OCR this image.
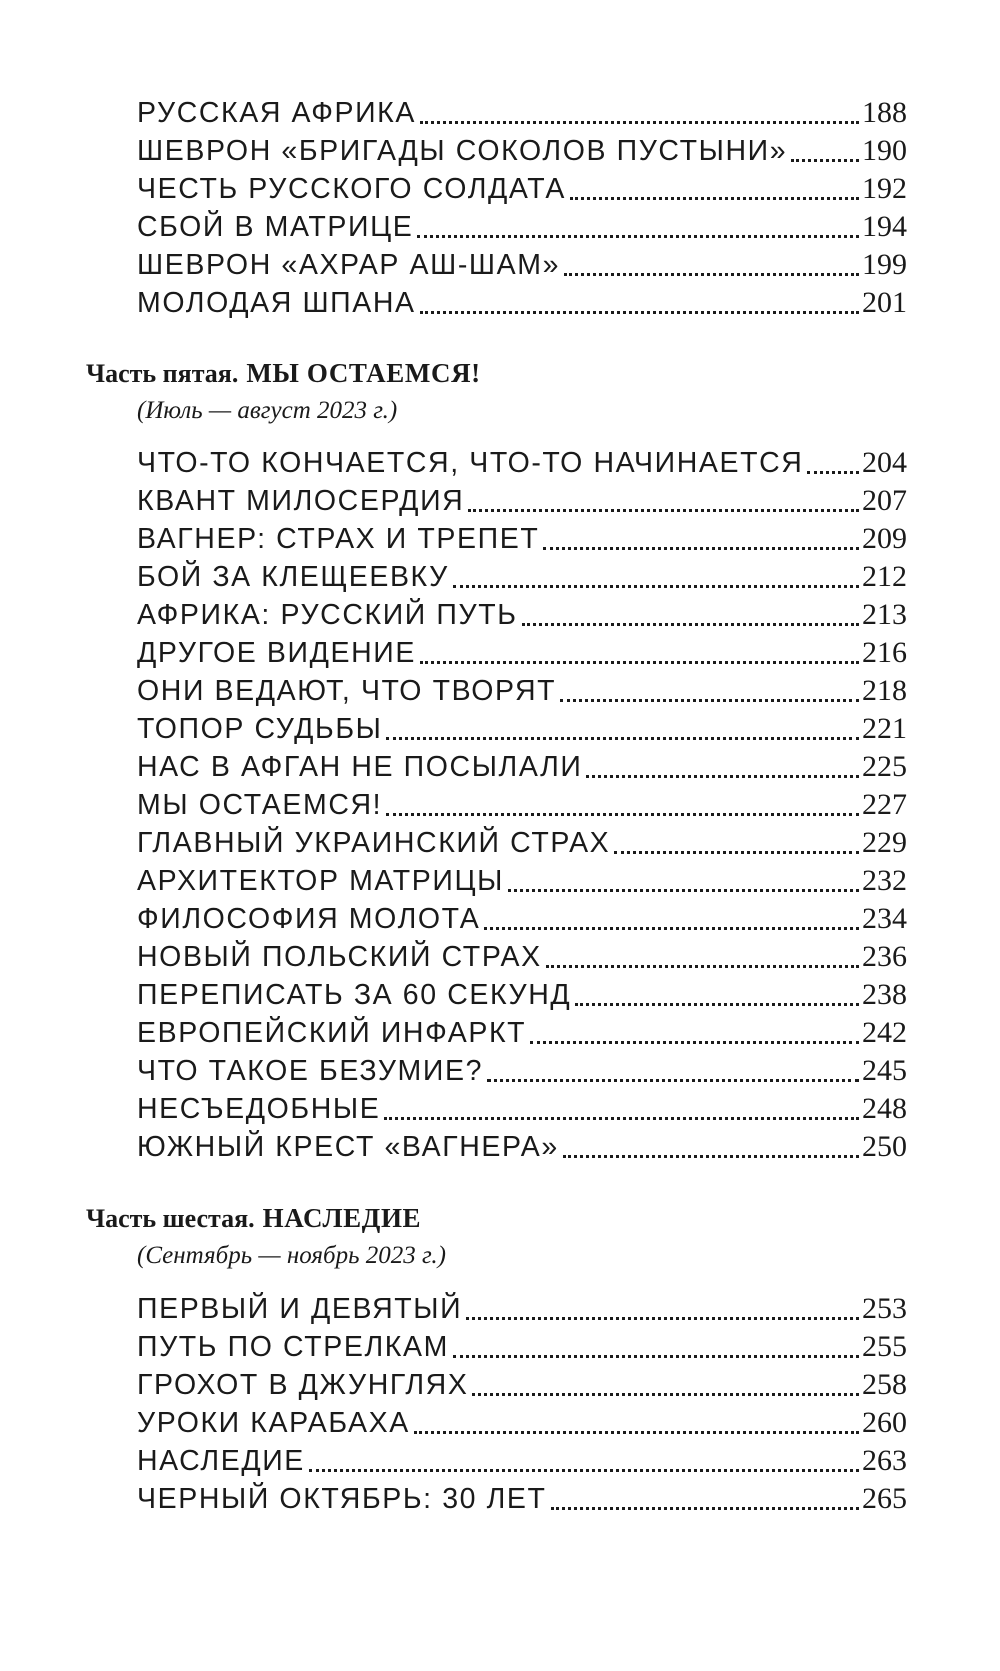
РУССКАЯ АФРИКА	188
ШЕВРОН «БРИГАДЫ СОКОЛОВ ПУСТЫНИ» 190
ЧЕСТЬ РУССКОГО СОЛДАТА	192
СБОЙ В МАТРИЦЕ	194
ШЕВРОН «АХРАР АШ-ШАМ»	199
МОЛОДАЯ ШПАНА	201
Часть пятая. МЫ ОСТАЕМСЯ!
(Июль — август 2023 г.)
ЧТО-ТО КОНЧАЕТСЯ, ЧТО-ТО НАЧИНАЕТСЯ 204
КВАНТ МИЛОСЕРДИЯ	207
ВАГНЕР: СТРАХ И ТРЕПЕТ	209
БОЙ ЗА КЛЕЩЕЕВКУ	212
АФРИКА: РУССКИЙ ПУТЬ	213
ДРУГОЕ ВИДЕНИЕ	216
ОНИ ВЕДАЮТ, ЧТО ТВОРЯТ	218
ТОПОР СУДЬБЫ	221
НАС В АФГАН НЕ ПОСЫЛАЛИ	225
МЫ ОСТАЕМСЯ!	227
ГЛАВНЫЙ УКРАИНСКИЙ СТРАХ	229
АРХИТЕКТОР МАТРИЦЫ	232
ФИЛОСОФИЯ МОЛОТА	234
НОВЫЙ ПОЛЬСКИЙ СТРАХ	236
ПЕРЕПИСАТЬ ЗА 60 СЕКУНД	238
ЕВРОПЕЙСКИЙ ИНФАРКТ	242
ЧТО ТАКОЕ БЕЗУМИЕ?	245
НЕСЪЕДОБНЫЕ	248
ЮЖНЫЙ КРЕСТ «ВАГНЕРА»	250
Часть шестая. НАСЛЕДИЕ
(Сентябрь — ноябрь 2023 г.)
ПЕРВЫЙ И ДЕВЯТЫЙ	253
ПУТЬ ПО СТРЕЛКАМ	255
ГРОХОТ В ДЖУНГЛЯХ	258
УРОКИ КАРАБАХА	260
НАСЛЕДИЕ	263
ЧЕРНЫЙ ОКТЯБРЬ: 30 ЛЕТ	265
